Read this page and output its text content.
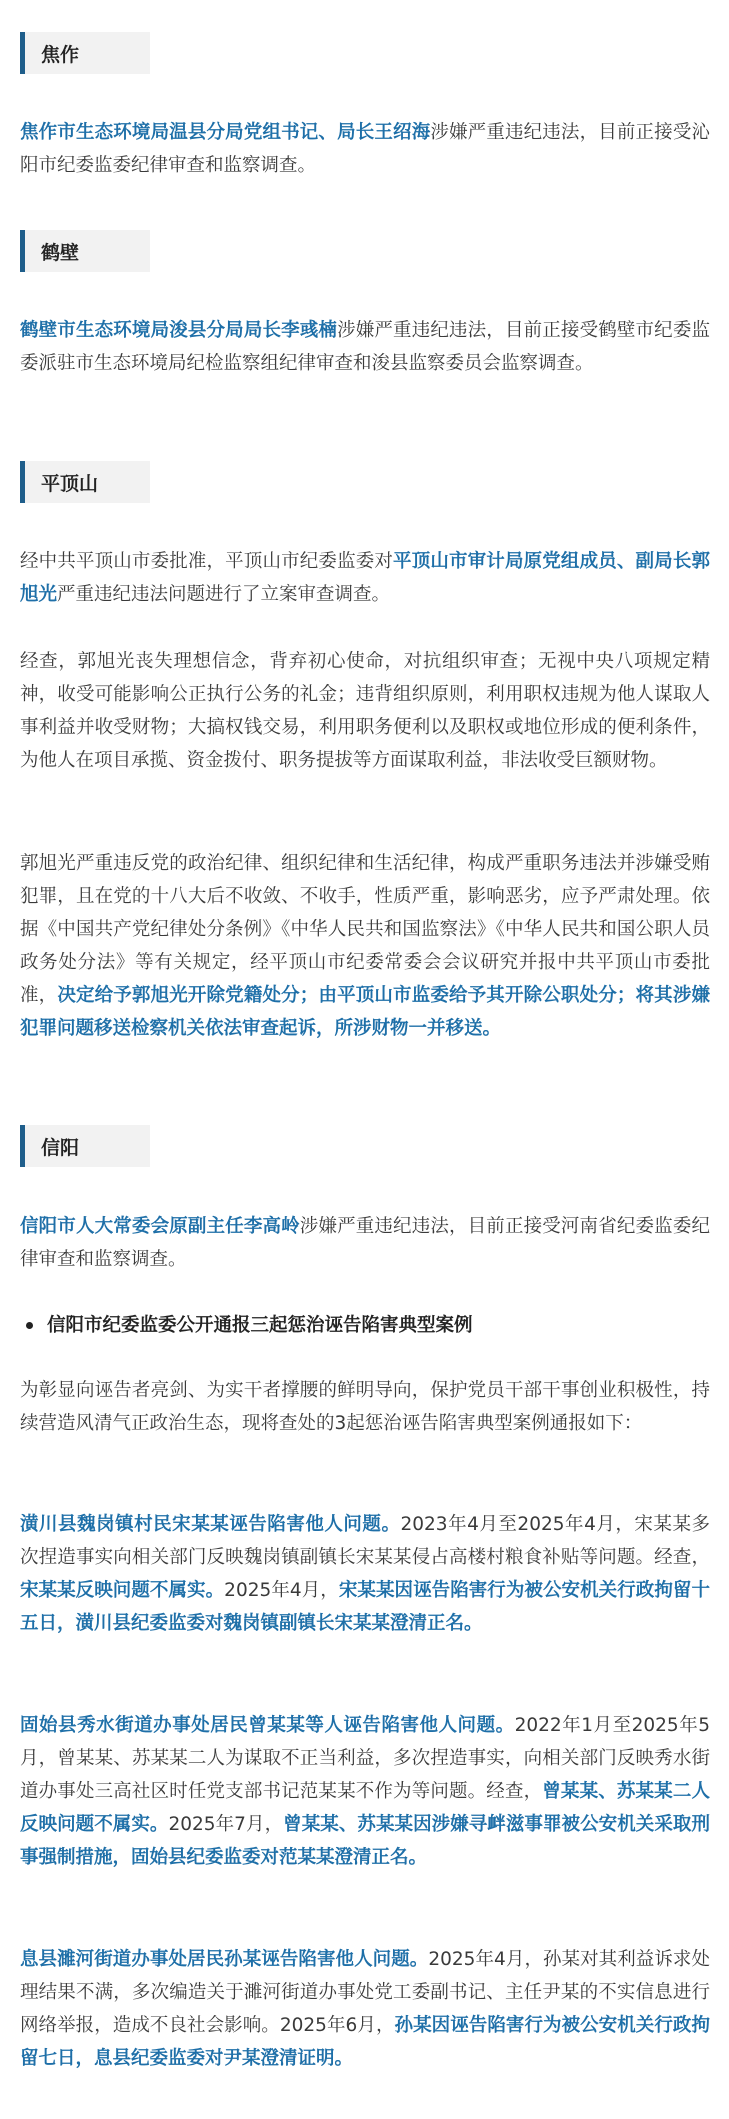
焦作

焦作市生态环境局温县分局党组书记、局长王绍海涉嫌严重违纪违法，目前正接受沁阳市纪委监委纪律审查和监察调查。

鹤壁

鹤壁市生态环境局浚县分局局长李彧楠涉嫌严重违纪违法，目前正接受鹤壁市纪委监委派驻市生态环境局纪检监察组纪律审查和浚县监察委员会监察调查。

平顶山

经中共平顶山市委批准，平顶山市纪委监委对平顶山市审计局原党组成员、副局长郭旭光严重违纪违法问题进行了立案审查调查。

经查，郭旭光丧失理想信念，背弃初心使命，对抗组织审查；无视中央八项规定精神，收受可能影响公正执行公务的礼金；违背组织原则，利用职权违规为他人谋取人事利益并收受财物；大搞权钱交易，利用职务便利以及职权或地位形成的便利条件，为他人在项目承揽、资金拨付、职务提拔等方面谋取利益，非法收受巨额财物。

郭旭光严重违反党的政治纪律、组织纪律和生活纪律，构成严重职务违法并涉嫌受贿犯罪，且在党的十八大后不收敛、不收手，性质严重，影响恶劣，应予严肃处理。依据《中国共产党纪律处分条例》《中华人民共和国监察法》《中华人民共和国公职人员政务处分法》等有关规定，经平顶山市纪委常委会会议研究并报中共平顶山市委批准，决定给予郭旭光开除党籍处分；由平顶山市监委给予其开除公职处分；将其涉嫌犯罪问题移送检察机关依法审查起诉，所涉财物一并移送。

信阳

信阳市人大常委会原副主任李高岭涉嫌严重违纪违法，目前正接受河南省纪委监委纪律审查和监察调查。

信阳市纪委监委公开通报三起惩治诬告陷害典型案例

为彰显向诬告者亮剑、为实干者撑腰的鲜明导向，保护党员干部干事创业积极性，持续营造风清气正政治生态，现将查处的3起惩治诬告陷害典型案例通报如下：

潢川县魏岗镇村民宋某某诬告陷害他人问题。2023年4月至2025年4月，宋某某多次捏造事实向相关部门反映魏岗镇副镇长宋某某侵占高楼村粮食补贴等问题。经查，宋某某反映问题不属实。2025年4月，宋某某因诬告陷害行为被公安机关行政拘留十五日，潢川县纪委监委对魏岗镇副镇长宋某某澄清正名。

固始县秀水街道办事处居民曾某某等人诬告陷害他人问题。2022年1月至2025年5月，曾某某、苏某某二人为谋取不正当利益，多次捏造事实，向相关部门反映秀水街道办事处三高社区时任党支部书记范某某不作为等问题。经查，曾某某、苏某某二人反映问题不属实。2025年7月，曾某某、苏某某因涉嫌寻衅滋事罪被公安机关采取刑事强制措施，固始县纪委监委对范某某澄清正名。

息县濉河街道办事处居民孙某诬告陷害他人问题。2025年4月，孙某对其利益诉求处理结果不满，多次编造关于濉河街道办事处党工委副书记、主任尹某的不实信息进行网络举报，造成不良社会影响。2025年6月，孙某因诬告陷害行为被公安机关行政拘留七日，息县纪委监委对尹某澄清证明。
